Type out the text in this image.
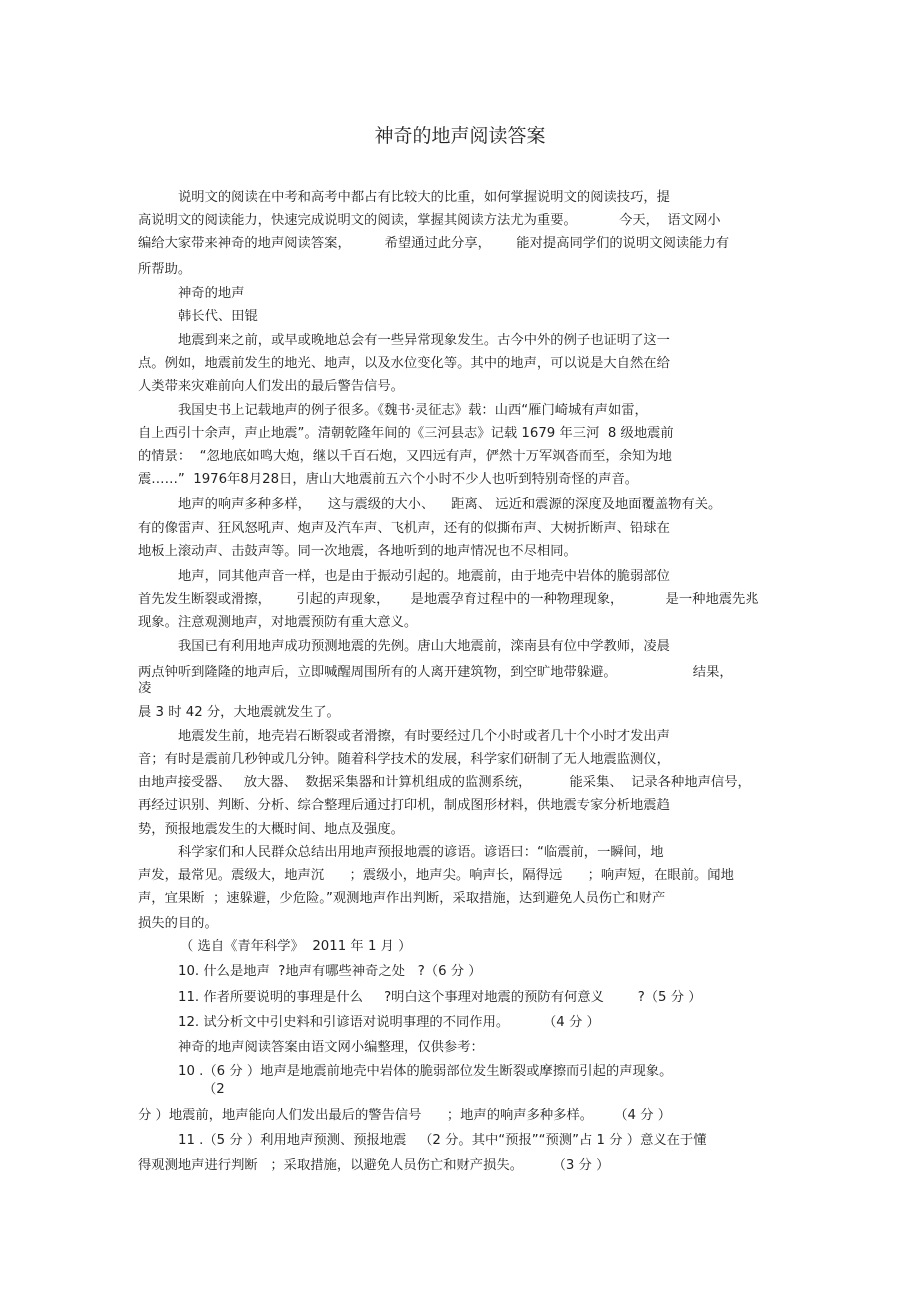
神奇的地声阅读答案
说明文的阅读在中考和高考中都占有比较大的比重，如何掌握说明文的阅读技巧，提
高说明文的阅读能力，快速完成说明文的阅读，掌握其阅读方法尤为重要。          今天，  语文网小
编给大家带来神奇的地声阅读答案，        希望通过此分享，      能对提高同学们的说明文阅读能力有
所帮助。
神奇的地声
韩长代、田锟
地震到来之前，或早或晚地总会有一些异常现象发生。古今中外的例子也证明了这一
点。例如，地震前发生的地光、地声，以及水位变化等。其中的地声，可以说是大自然在给
人类带来灾难前向人们发出的最后警告信号。
我国史书上记载地声的例子很多。《魏书·灵征志》载：山西“雁门崎城有声如雷，
自上西引十余声，声止地震”。清朝乾隆年间的《三河县志》记载 1679 年三河  8 级地震前
的情景：  “忽地底如鸣大炮，继以千百石炮，又四远有声，俨然十万军飒沓而至，余知为地
震……”  1976年8月28日，唐山大地震前五六个小时不少人也听到特别奇怪的声音。
地声的响声多种多样，    这与震级的大小、    距离、 远近和震源的深度及地面覆盖物有关。
有的像雷声、狂风怒吼声、炮声及汽车声、飞机声，还有的似撕布声、大树折断声、铅球在
地板上滚动声、击鼓声等。同一次地震，各地听到的地声情况也不尽相同。
地声，同其他声音一样，也是由于振动引起的。地震前，由于地壳中岩体的脆弱部位
首先发生断裂或滑擦，      引起的声现象，     是地震孕育过程中的一种物理现象，          是一种地震先兆
现象。注意观测地声，对地震预防有重大意义。
我国已有利用地声成功预测地震的先例。唐山大地震前，滦南县有位中学教师，凌晨
两点钟听到隆隆的地声后，立即喊醒周围所有的人离开建筑物，到空旷地带躲避。                  结果，
凌
晨 3 时 42 分，大地震就发生了。
地震发生前，地壳岩石断裂或者滑擦，有时要经过几个小时或者几十个小时才发出声
音；有时是震前几秒钟或几分钟。随着科学技术的发展，科学家们研制了无人地震监测仪，
由地声接受器、   放大器、  数据采集器和计算机组成的监测系统，         能采集、  记录各种地声信号，
再经过识别、判断、分析、综合整理后通过打印机，制成图形材料，供地震专家分析地震趋
势，预报地震发生的大概时间、地点及强度。
科学家们和人民群众总结出用地声预报地震的谚语。谚语曰：“临震前，一瞬间，地
声发，最常见。震级大，地声沉      ；震级小，地声尖。响声长，隔得远      ；响声短，在眼前。闻地
声，宜果断  ；速躲避，少危险。”观测地声作出判断，采取措施，达到避免人员伤亡和财产
损失的目的。
（ 选自《青年科学》  2011 年 1 月 ）
10. 什么是地声  ?地声有哪些神奇之处   ?（6 分 ）
11. 作者所要说明的事理是什么     ?明白这个事理对地震的预防有何意义        ?（5 分 ）
12. 试分析文中引史料和引谚语对说明事理的不同作用。        （4 分 ）
神奇的地声阅读答案由语文网小编整理，仅供参考：
10 .（6 分 ）地声是地震前地壳中岩体的脆弱部位发生断裂或摩擦而引起的声现象。
（2
分 ）地震前，地声能向人们发出最后的警告信号      ；地声的响声多种多样。     （4 分 ）
11 .（5 分 ）利用地声预测、预报地震   （2 分。其中“预报”“预测”占 1 分 ）意义在于懂
得观测地声进行判断   ；采取措施，以避免人员伤亡和财产损失。       （3 分 ）
